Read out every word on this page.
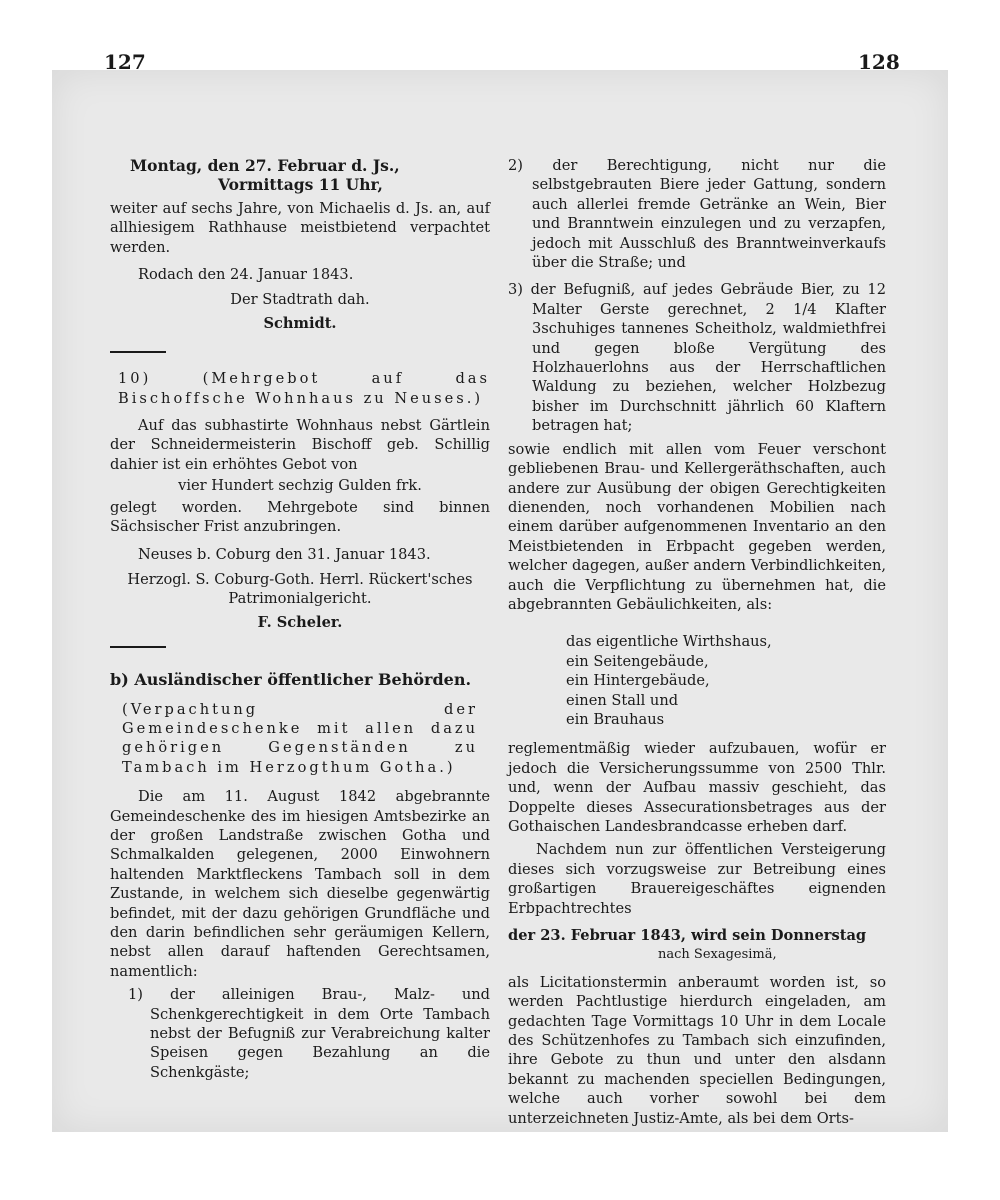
127	128
Montag, den 27. Februar d. Js.,
Vormittags 11 Uhr,

weiter auf sechs Jahre, von Michaelis d. Js. an, auf allhiesigem Rathhause meistbietend verpachtet werden.

Rodach den 24. Januar 1843.
Der Stadtrath dah.
Schmidt.

10) (Mehrgebot auf das Bischoffsche Wohnhaus zu Neuses.)

Auf das subhastirte Wohnhaus nebst Gärtlein der Schneidermeisterin Bischoff geb. Schillig dahier ist ein erhöhtes Gebot von

vier Hundert sechzig Gulden frk.

gelegt worden. Mehrgebote sind binnen Sächsischer Frist anzubringen.

Neuses b. Coburg den 31. Januar 1843.
Herzogl. S. Coburg-Goth. Herrl. Rückert'sches Patrimonialgericht.
F. Scheler.
b) Ausländischer öffentlicher Behörden.

(Verpachtung der Gemeindeschenke mit allen dazu gehörigen Gegenständen zu Tambach im Herzogthum Gotha.)

Die am 11. August 1842 abgebrannte Gemeindeschenke des im hiesigen Amtsbezirke an der großen Landstraße zwischen Gotha und Schmalkalden gelegenen, 2000 Einwohnern haltenden Marktfleckens Tambach soll in dem Zustande, in welchem sich dieselbe gegenwärtig befindet, mit der dazu gehörigen Grundfläche und den darin befindlichen sehr geräumigen Kellern, nebst allen darauf haftenden Gerechtsamen, namentlich:

1) der alleinigen Brau-, Malz- und Schenkgerechtigkeit in dem Orte Tambach nebst der Befugniß zur Verabreichung kalter Speisen gegen Bezahlung an die Schenkgäste;

2) der Berechtigung, nicht nur die selbstgebrauten Biere jeder Gattung, sondern auch allerlei fremde Getränke an Wein, Bier und Branntwein einzulegen und zu verzapfen, jedoch mit Ausschluß des Branntweinverkaufs über die Straße; und

3) der Befugniß, auf jedes Gebräude Bier, zu 12 Malter Gerste gerechnet, 2 1/4 Klafter 3schuhiges tannenes Scheitholz, waldmiethfrei und gegen bloße Vergütung des Holzhauerlohns aus der Herrschaftlichen Waldung zu beziehen, welcher Holzbezug bisher im Durchschnitt jährlich 60 Klaftern betragen hat;

sowie endlich mit allen vom Feuer verschont gebliebenen Brau- und Kellergeräthschaften, auch andere zur Ausübung der obigen Gerechtigkeiten dienenden, noch vorhandenen Mobilien nach einem darüber aufgenommenen Inventario an den Meistbietenden in Erbpacht gegeben werden, welcher dagegen, außer andern Verbindlichkeiten, auch die Verpflichtung zu übernehmen hat, die abgebrannten Gebäulichkeiten, als:

das eigentliche Wirthshaus,
ein Seitengebäude,
ein Hintergebäude,
einen Stall und
ein Brauhaus

reglementmäßig wieder aufzubauen, wofür er jedoch die Versicherungssumme von 2500 Thlr. und, wenn der Aufbau massiv geschieht, das Doppelte dieses Assecurationsbetrages aus der Gothaischen Landesbrandcasse erheben darf.

Nachdem nun zur öffentlichen Versteigerung dieses sich vorzugsweise zur Betreibung eines großartigen Brauereigeschäftes eignenden Erbpachtrechtes

der 23. Februar 1843, wird sein Donnerstag
nach Sexagesimä,

als Licitationstermin anberaumt worden ist, so werden Pachtlustige hierdurch eingeladen, am gedachten Tage Vormittags 10 Uhr in dem Locale des Schützenhofes zu Tambach sich einzufinden, ihre Gebote zu thun und unter den alsdann bekannt zu machenden speciellen Bedingungen, welche auch vorher sowohl bei dem unterzeichneten Justiz-Amte, als bei dem Orts-
